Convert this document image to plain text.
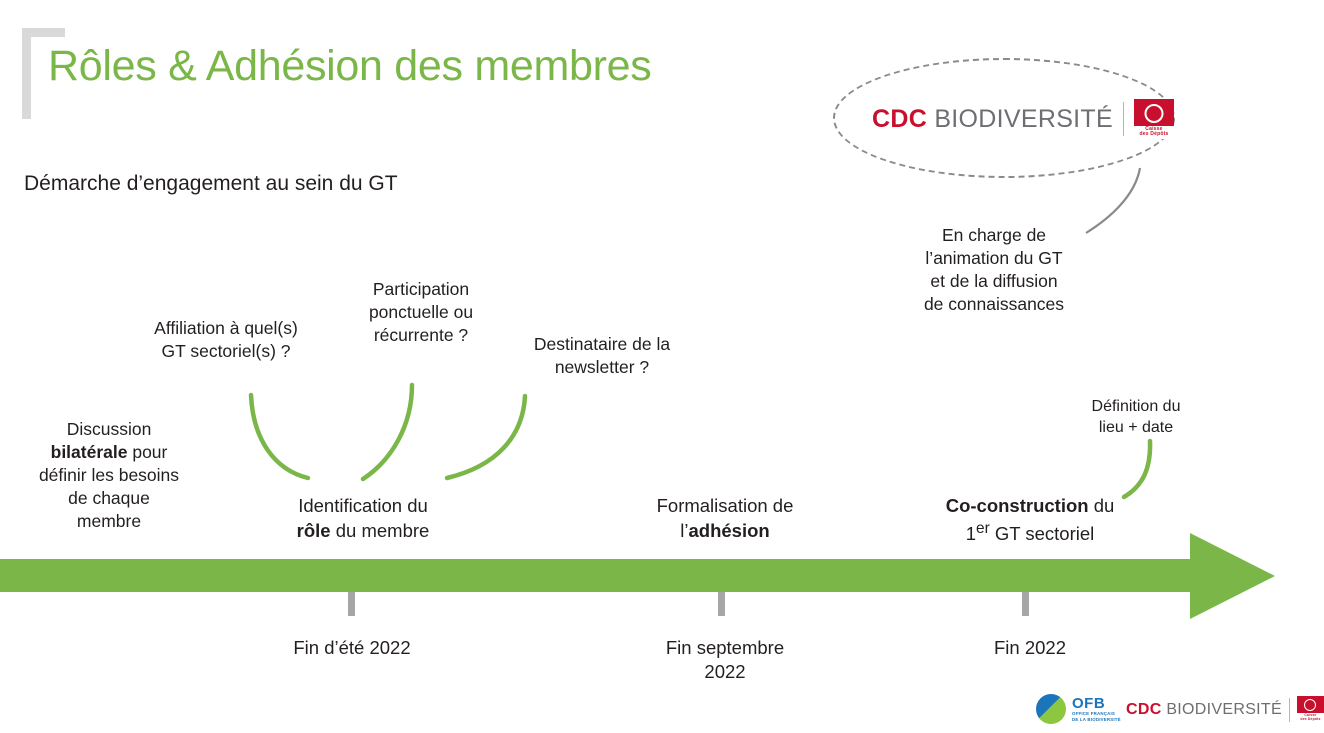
Rôles & Adhésion des membres
Démarche d’engagement au sein du GT
CDC BIODIVERSITÉ	Caisse
des Dépôts
En charge de
l’animation du GT
et de la diffusion
de connaissances
Discussion
bilatérale pour
définir les besoins
de chaque
membre
Affiliation à quel(s)
GT sectoriel(s) ?
Participation
ponctuelle ou
récurrente ?	Destinataire de la
newsletter ?
Définition du
lieu + date
Identification du
rôle du membre
Formalisation de
l’adhésion
Co-construction du
1er GT sectoriel
Fin d’été 2022	Fin septembre
2022
Fin 2022
OFB
OFFICE FRANÇAIS
DE LA BIODIVERSITÉ
CDC BIODIVERSITÉ	Caisse
des Dépôts
